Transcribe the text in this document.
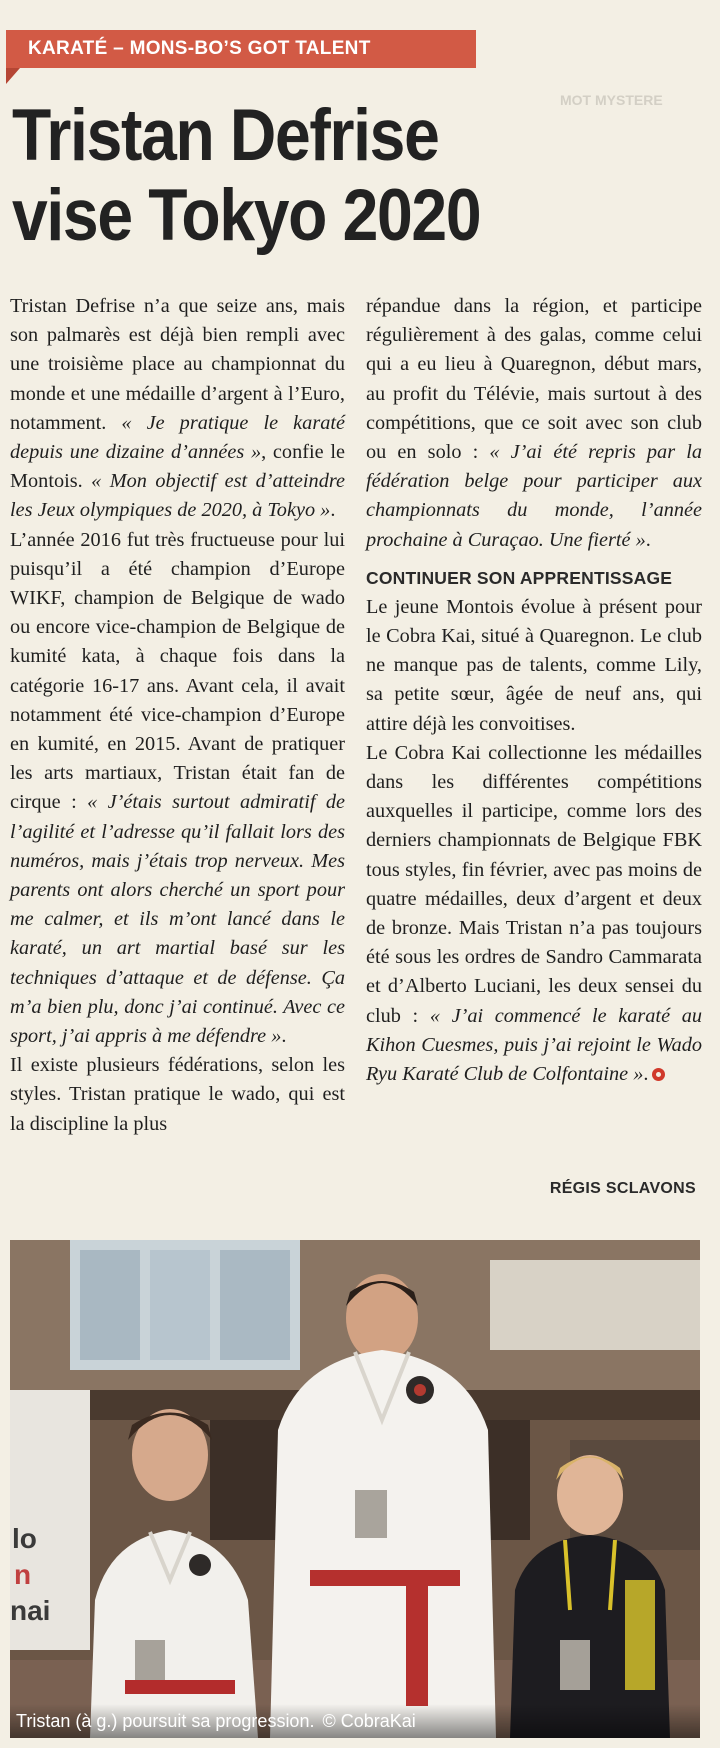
MOT MYSTERE
KARATÉ – MONS-BO’S GOT TALENT
Tristan Defrise
vise Tokyo 2020

Tristan Defrise n’a que seize ans, mais son palmarès est déjà bien rempli avec une troisième place au championnat du monde et une médaille d’argent à l’Euro, notamment. « Je pratique le karaté depuis une dizaine d’années », confie le Montois. « Mon objectif est d’atteindre les Jeux olympiques de 2020, à Tokyo ».

L’année 2016 fut très fructueuse pour lui puisqu’il a été champion d’Europe WIKF, champion de Belgique de wado ou encore vice-champion de Belgique de kumité kata, à chaque fois dans la catégorie 16-17 ans. Avant cela, il avait notamment été vice-champion d’Europe en kumité, en 2015. Avant de pratiquer les arts martiaux, Tristan était fan de cirque : « J’étais surtout admiratif de l’agilité et l’adresse qu’il fallait lors des numéros, mais j’étais trop nerveux. Mes parents ont alors cherché un sport pour me calmer, et ils m’ont lancé dans le karaté, un art martial basé sur les techniques d’attaque et de défense. Ça m’a bien plu, donc j’ai continué. Avec ce sport, j’ai appris à me défendre ».

Il existe plusieurs fédérations, selon les styles. Tristan pratique le wado, qui est la discipline la plus

répandue dans la région, et participe régulièrement à des galas, comme celui qui a eu lieu à Quaregnon, début mars, au profit du Télévie, mais surtout à des compétitions, que ce soit avec son club ou en solo : « J’ai été repris par la fédération belge pour participer aux championnats du monde, l’année prochaine à Curaçao. Une fierté ».

CONTINUER SON APPRENTISSAGE

Le jeune Montois évolue à présent pour le Cobra Kai, situé à Quaregnon. Le club ne manque pas de talents, comme Lily, sa petite sœur, âgée de neuf ans, qui attire déjà les convoitises.

Le Cobra Kai collectionne les médailles dans les différentes compétitions auxquelles il participe, comme lors des derniers championnats de Belgique FBK tous styles, fin février, avec pas moins de quatre médailles, deux d’argent et deux de bronze. Mais Tristan n’a pas toujours été sous les ordres de Sandro Cammarata et d’Alberto Luciani, les deux sensei du club : « J’ai commencé le karaté au Kihon Cuesmes, puis j’ai rejoint le Wado Ryu Karaté Club de Colfontaine ».

RÉGIS SCLAVONS
lo
n
nai
Tristan (à g.) poursuit sa progression. © CobraKai
